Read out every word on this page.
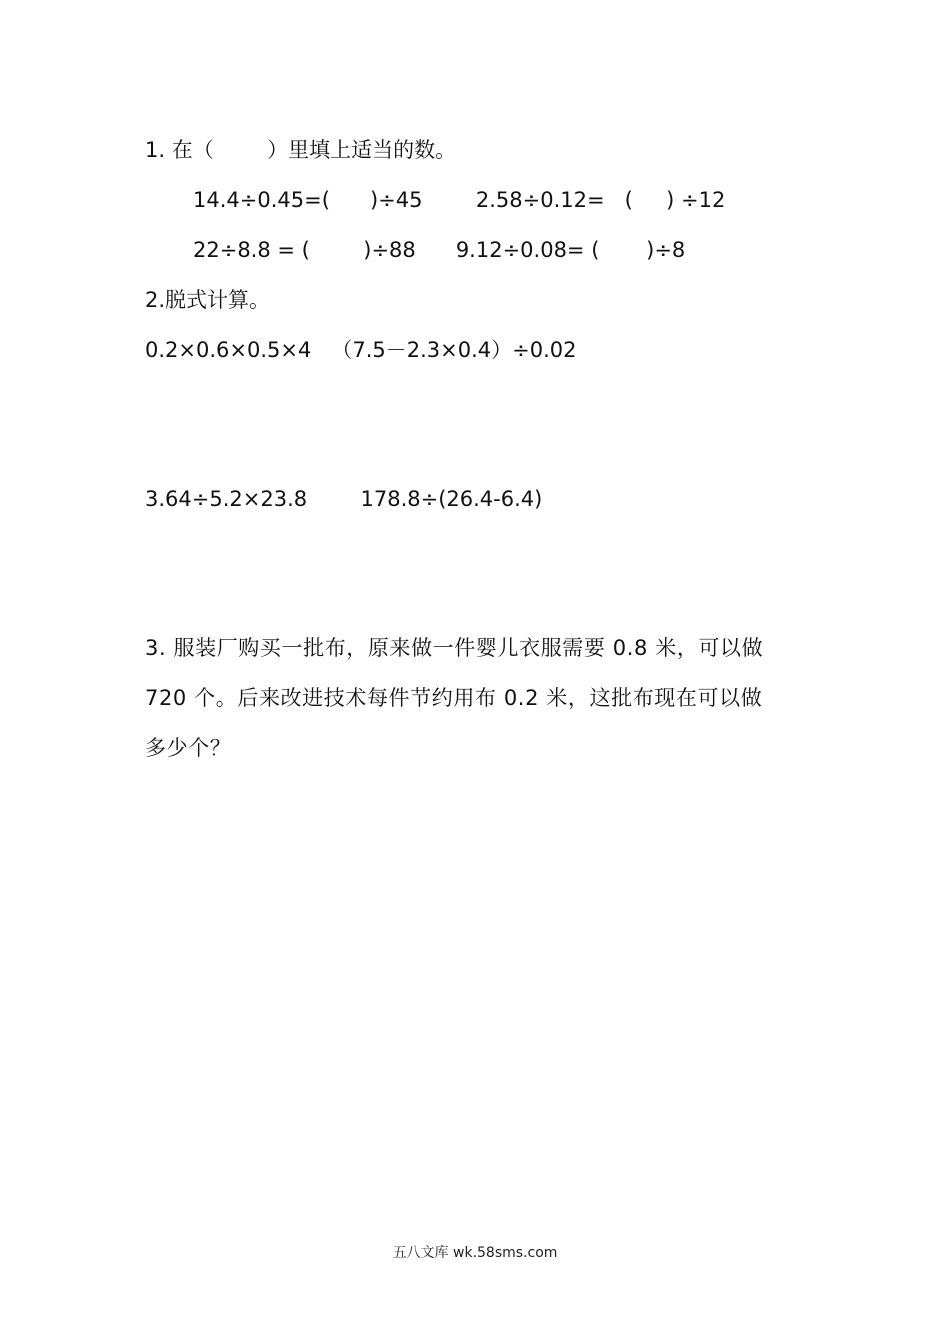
1. 在（        ）里填上适当的数。
14.4÷0.45=(      )÷45        2.58÷0.12=   (     ) ÷12
22÷8.8 = (        )÷88      9.12÷0.08= (       )÷8
2.脱式计算。
0.2×0.6×0.5×4   （7.5－2.3×0.4）÷0.02
3.64÷5.2×23.8        178.8÷(26.4-6.4)
3. 服装厂购买一批布，原来做一件婴儿衣服需要 0.8 米，可以做
720 个。后来改进技术每件节约用布 0.2 米，这批布现在可以做
多少个？
五八文库 wk.58sms.com
